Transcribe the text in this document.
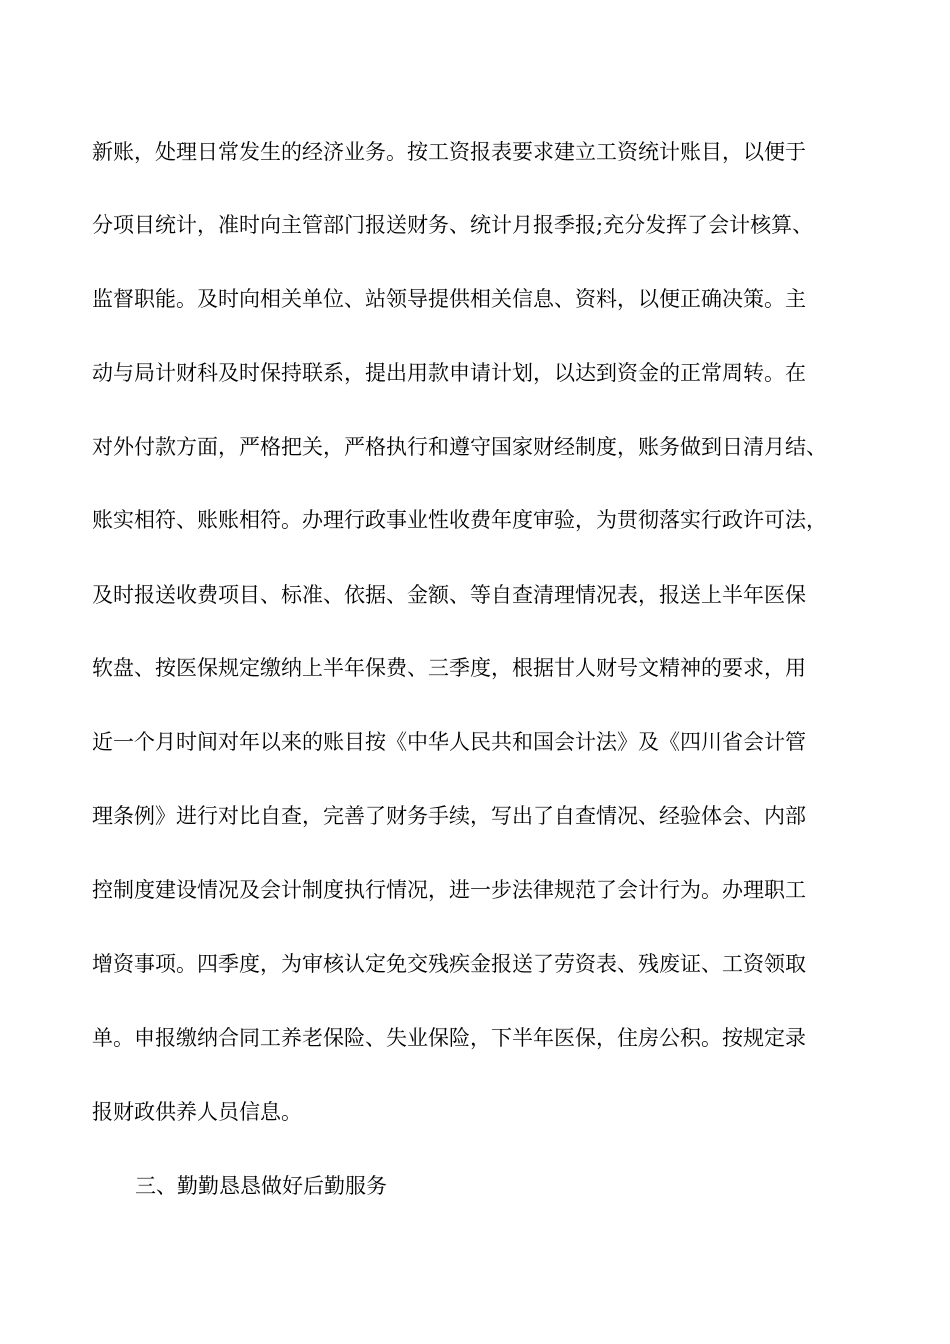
新账，处理日常发生的经济业务。按工资报表要求建立工资统计账目，以便于
分项目统计，准时向主管部门报送财务、统计月报季报;充分发挥了会计核算、
监督职能。及时向相关单位、站领导提供相关信息、资料，以便正确决策。主
动与局计财科及时保持联系，提出用款申请计划，以达到资金的正常周转。在
对外付款方面，严格把关，严格执行和遵守国家财经制度，账务做到日清月结、
账实相符、账账相符。办理行政事业性收费年度审验，为贯彻落实行政许可法，
及时报送收费项目、标准、依据、金额、等自查清理情况表，报送上半年医保
软盘、按医保规定缴纳上半年保费、三季度，根据甘人财号文精神的要求，用
近一个月时间对年以来的账目按《中华人民共和国会计法》及《四川省会计管
理条例》进行对比自查，完善了财务手续，写出了自查情况、经验体会、内部
控制度建设情况及会计制度执行情况，进一步法律规范了会计行为。办理职工
增资事项。四季度，为审核认定免交残疾金报送了劳资表、残废证、工资领取
单。申报缴纳合同工养老保险、失业保险，下半年医保，住房公积。按规定录
报财政供养人员信息。
三、勤勤恳恳做好后勤服务
